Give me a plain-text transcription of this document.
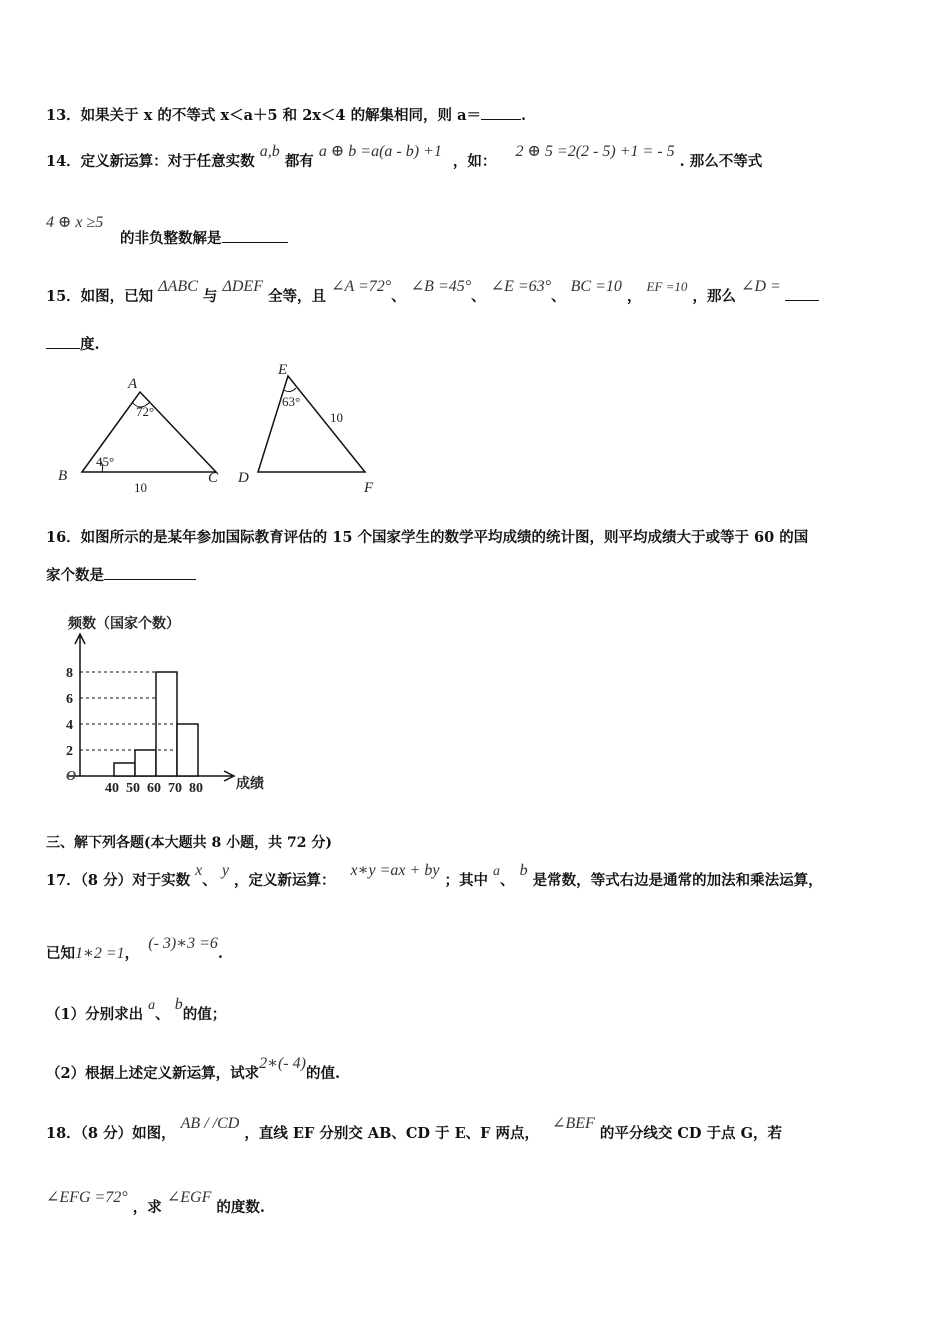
13．如果关于 x 的不等式 x＜a＋5 和 2x＜4 的解集相同，则 a＝	.
14．定义新运算：对于任意实数 a,b 都有 a ⊕ b =a(a - b) +1 ，如： 2 ⊕ 5 =2(2 - 5) +1 = - 5 . 那么不等式
4 ⊕ x ≥5
的非负整数解是
15．如图，已知 ΔABC 与 ΔDEF 全等，且 ∠A =72°、 ∠B =45°、 ∠E =63°、 BC =10 ， EF =10 ，那么 ∠D =
度.
A
B	C D
E
F
72°
45°
63°
10
10
16．如图所示的是某年参加国际教育评估的 15 个国家学生的数学平均成绩的统计图，则平均成绩大于或等于 60 的国
家个数是
频数（国家个数）
成绩
O
2
4
6
8
40 50 60 70 80
三、解下列各题(本大题共 8 小题，共 72 分)
17．（8 分）对于实数 x、 y ，定义新运算： x∗y =ax + by ；其中 a、 b 是常数，等式右边是通常的加法和乘法运算，
已知1∗2 =1， (- 3)∗3 =6.
（1）分别求出 a、 b的值；
（2）根据上述定义新运算，试求2∗(- 4)的值.
18．（8 分）如图， AB / /CD ，直线 EF 分别交 AB、CD 于 E、F 两点， ∠BEF 的平分线交 CD 于点 G，若
∠EFG =72° ，求 ∠EGF 的度数.
